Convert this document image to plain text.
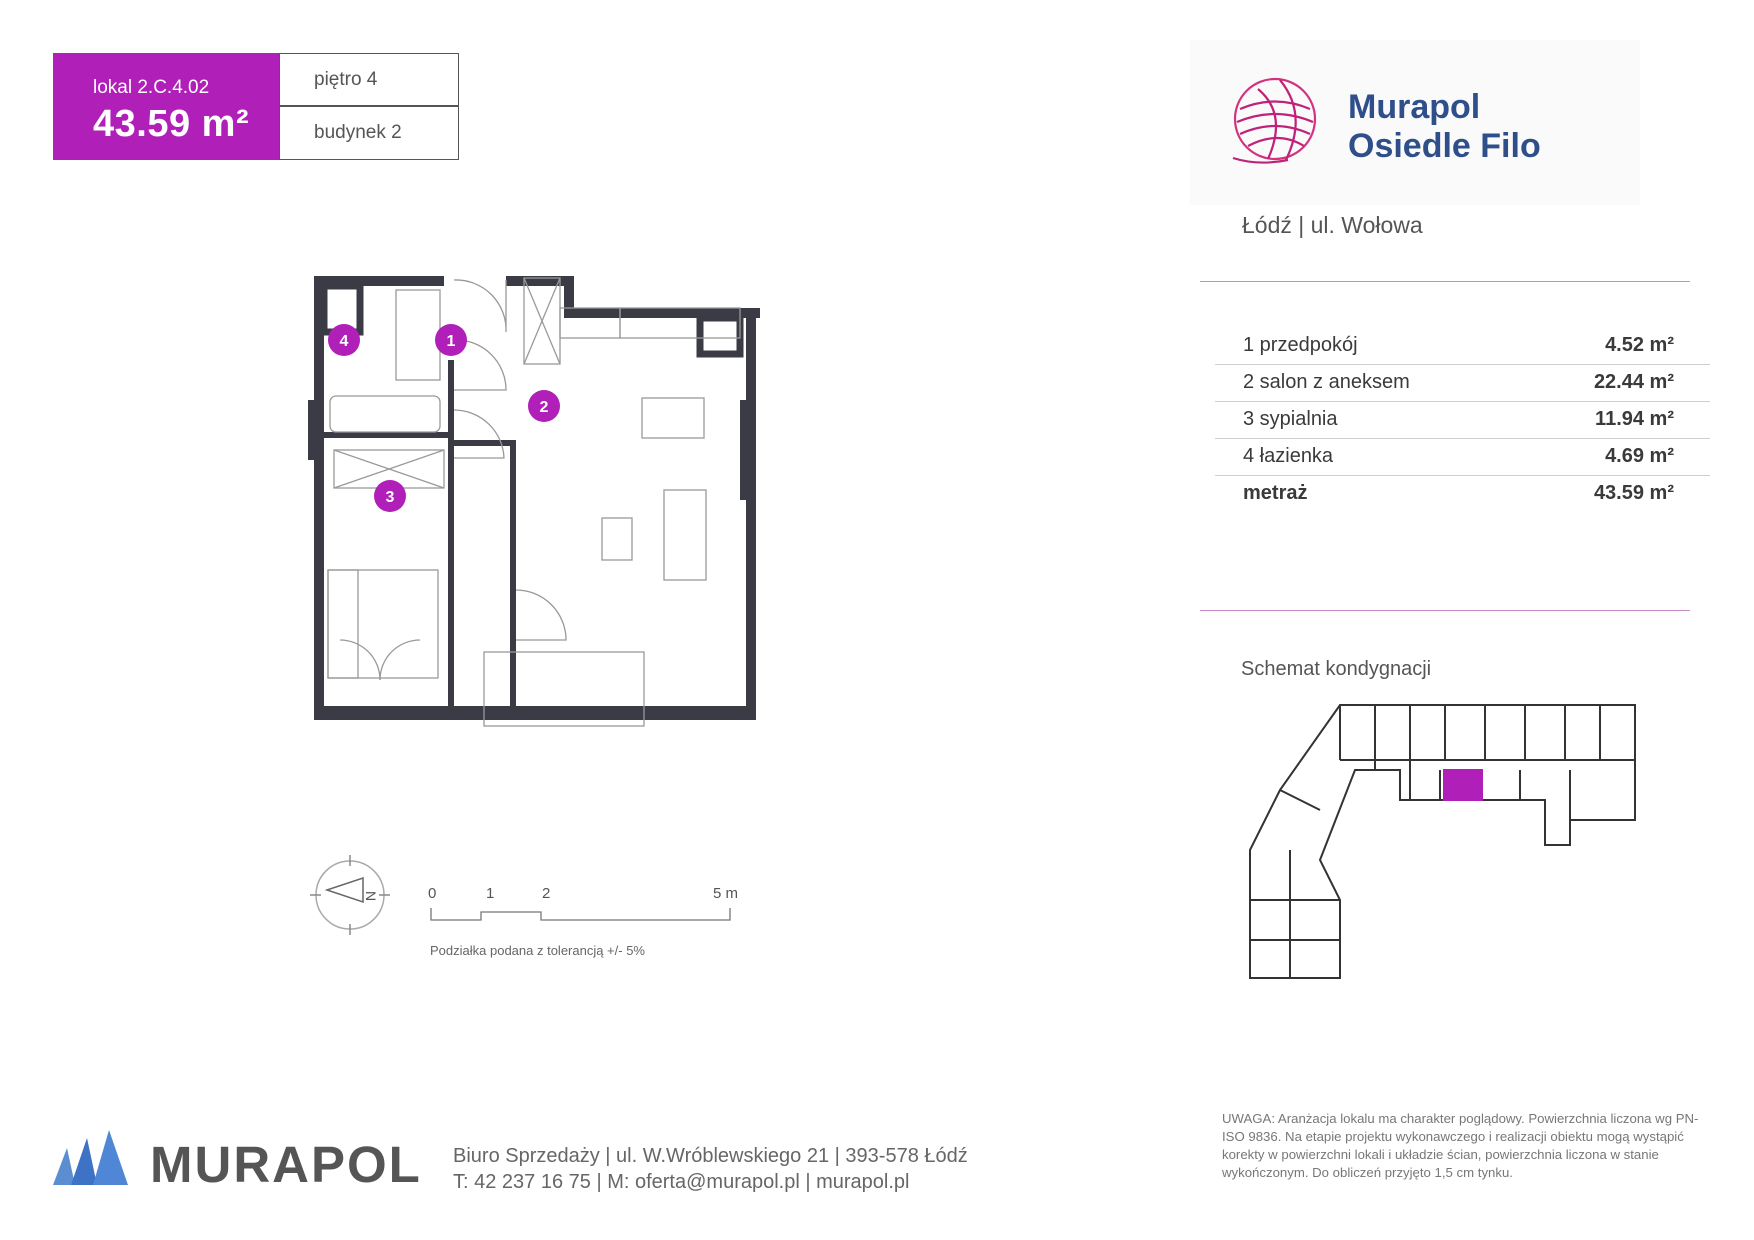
lokal 2.C.4.02
43.59 m²
piętro 4
budynek 2
Murapol
Osiedle Filo
Łódź | ul. Wołowa
1 przedpokój	4.52 m²
2 salon z aneksem	22.44 m²
3 sypialnia	11.94 m²
4 łazienka	4.69 m²
metraż	43.59 m²
1
2
3
4
N	0	1	2	5 m
Podziałka podana z tolerancją +/- 5%
Schemat kondygnacji
UWAGA: Aranżacja lokalu ma charakter poglądowy. Powierzchnia liczona wg PN-ISO 9836. Na etapie projektu wykonawczego i realizacji obiektu mogą wystąpić korekty w powierzchni lokali i układzie ścian, powierzchnia liczona w stanie wykończonym. Do obliczeń przyjęto 1,5 cm tynku.
MURAPOL Biuro Sprzedaży | ul. W.Wróblewskiego 21 | 393-578 Łódź
T: 42 237 16 75 | M: oferta@murapol.pl | murapol.pl
